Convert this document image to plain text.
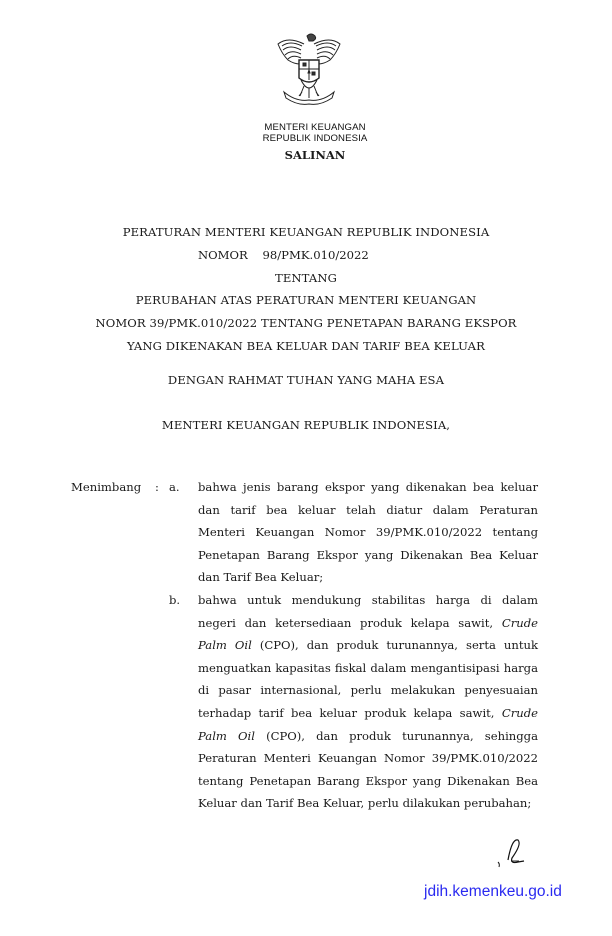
MENTERI KEUANGAN
REPUBLIK INDONESIA
SALINAN
PERATURAN MENTERI KEUANGAN REPUBLIK INDONESIA
NOMOR 98/PMK.010/2022
TENTANG
PERUBAHAN ATAS PERATURAN MENTERI KEUANGAN
NOMOR 39/PMK.010/2022 TENTANG PENETAPAN BARANG EKSPOR
YANG DIKENAKAN BEA KELUAR DAN TARIF BEA KELUAR
DENGAN RAHMAT TUHAN YANG MAHA ESA
MENTERI KEUANGAN REPUBLIK INDONESIA,
Menimbang : a. bahwa jenis barang ekspor yang dikenakan bea keluar dan tarif bea keluar telah diatur dalam Peraturan Menteri Keuangan Nomor 39/PMK.010/2022 tentang Penetapan Barang Ekspor yang Dikenakan Bea Keluar dan Tarif Bea Keluar;
b. bahwa untuk mendukung stabilitas harga di dalam negeri dan ketersediaan produk kelapa sawit, Crude Palm Oil (CPO), dan produk turunannya, serta untuk menguatkan kapasitas fiskal dalam mengantisipasi harga di pasar internasional, perlu melakukan penyesuaian terhadap tarif bea keluar produk kelapa sawit, Crude Palm Oil (CPO), dan produk turunannya, sehingga Peraturan Menteri Keuangan Nomor 39/PMK.010/2022 tentang Penetapan Barang Ekspor yang Dikenakan Bea Keluar dan Tarif Bea Keluar, perlu dilakukan perubahan;
jdih.kemenkeu.go.id
